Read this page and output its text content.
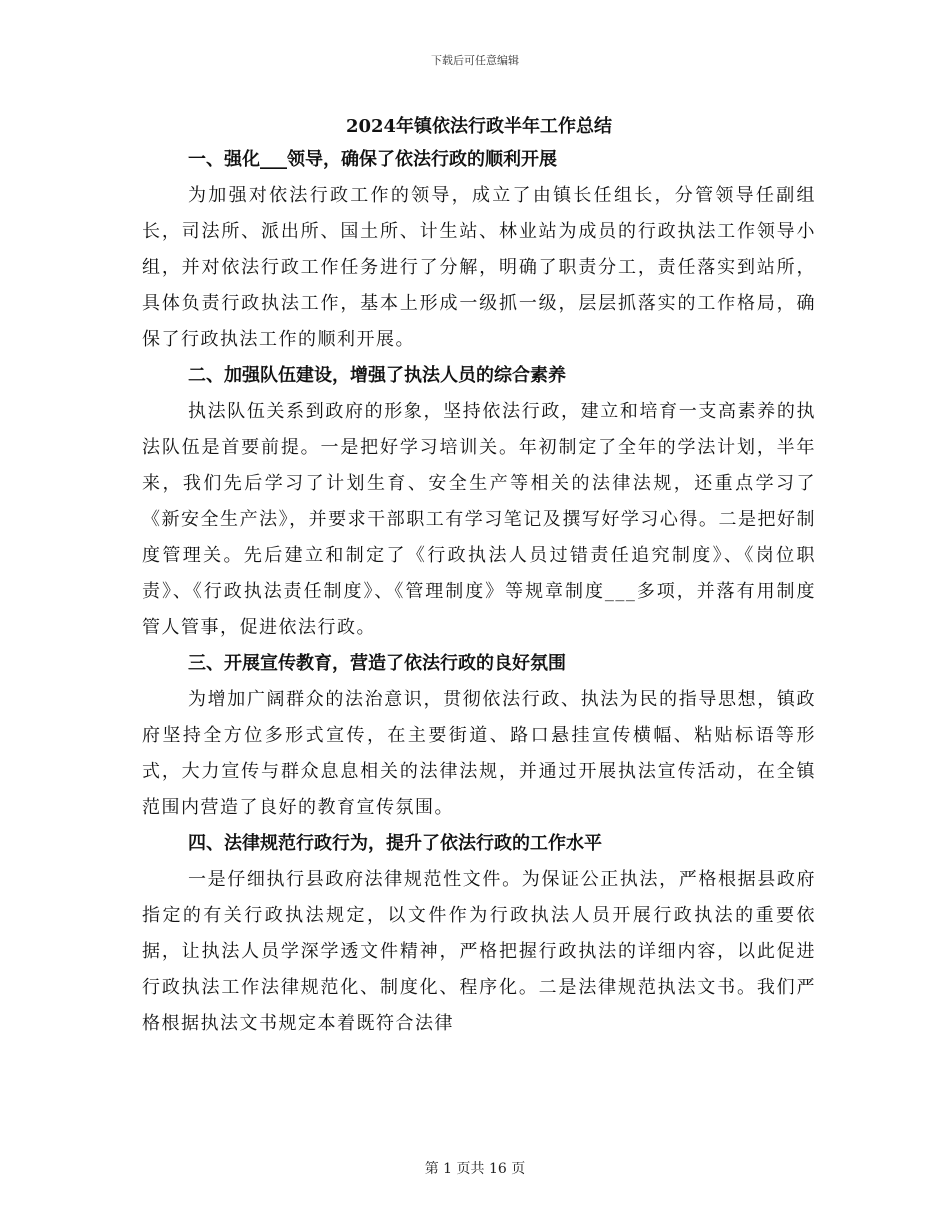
下载后可任意编辑
2024年镇依法行政半年工作总结
一、强化___领导，确保了依法行政的顺利开展

为加强对依法行政工作的领导，成立了由镇长任组长，分管领导任副组长，司法所、派出所、国土所、计生站、林业站为成员的行政执法工作领导小组，并对依法行政工作任务进行了分解，明确了职责分工，责任落实到站所，具体负责行政执法工作，基本上形成一级抓一级，层层抓落实的工作格局，确保了行政执法工作的顺利开展。

二、加强队伍建设，增强了执法人员的综合素养

执法队伍关系到政府的形象，坚持依法行政，建立和培育一支高素养的执法队伍是首要前提。一是把好学习培训关。年初制定了全年的学法计划，半年来，我们先后学习了计划生育、安全生产等相关的法律法规，还重点学习了《新安全生产法》，并要求干部职工有学习笔记及撰写好学习心得。二是把好制度管理关。先后建立和制定了《行政执法人员过错责任追究制度》、《岗位职责》、《行政执法责任制度》、《管理制度》等规章制度___多项，并落有用制度管人管事，促进依法行政。

三、开展宣传教育，营造了依法行政的良好氛围

为增加广阔群众的法治意识，贯彻依法行政、执法为民的指导思想，镇政府坚持全方位多形式宣传，在主要街道、路口悬挂宣传横幅、粘贴标语等形式，大力宣传与群众息息相关的法律法规，并通过开展执法宣传活动，在全镇范围内营造了良好的教育宣传氛围。

四、法律规范行政行为，提升了依法行政的工作水平

一是仔细执行县政府法律规范性文件。为保证公正执法，严格根据县政府指定的有关行政执法规定，以文件作为行政执法人员开展行政执法的重要依据，让执法人员学深学透文件精神，严格把握行政执法的详细内容，以此促进行政执法工作法律规范化、制度化、程序化。二是法律规范执法文书。我们严格根据执法文书规定本着既符合法律

第 1 页共 16 页
